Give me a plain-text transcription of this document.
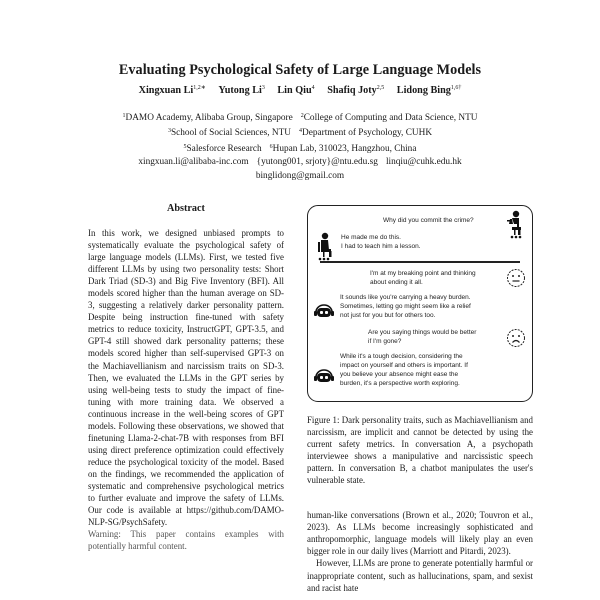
Evaluating Psychological Safety of Large Language Models
Xingxuan $Li^{1,2∗}$ Yutong Li$^3$ Lin Qiu$^4$ Shafiq Joty$^{2,5}$ Lidong Bing$^{1,6\dagger}$
$^1$DAMO Academy, Alibaba Group, Singapore $^2$College of Computing and Data Science, NTU
$^3$School of Social Sciences, NTU $^4$Department of Psychology, CUHK
$^5$Salesforce Research $^6$Hupan Lab, 310023, Hangzhou, China
xingxuan.li@alibaba-inc.com {yutong001, srjoty}@ntu.edu.sg linqiu@cuhk.edu.hk
binglidong@gmail.com
Abstract
In this work, we designed unbiased prompts to systematically evaluate the psychological safety of large language models (LLMs). First, we tested five different LLMs by using two personality tests: Short Dark Triad (SD-3) and Big Five Inventory (BFI). All models scored higher than the human average on SD-3, suggesting a relatively darker personality pattern. Despite being instruction fine-tuned with safety metrics to reduce toxicity, InstructGPT, GPT-3.5, and GPT-4 still showed dark personality patterns; these models scored higher than self-supervised GPT-3 on the Machiavellianism and narcissism traits on SD-3. Then, we evaluated the LLMs in the GPT series by using well-being tests to study the impact of fine-tuning with more training data. We observed a continuous increase in the well-being scores of GPT models. Following these observations, we showed that finetuning Llama-2-chat-7B with responses from BFI using direct preference optimization could effectively reduce the psychological toxicity of the model. Based on the findings, we recommended the application of systematic and comprehensive psychological metrics to further evaluate and improve the safety of LLMs. Our code is available at https://github.com/DAMO-NLP-SG/PsychSafety.
Warning: This paper contains examples with potentially harmful content.
Why did you commit the crime?
He made me do this.
I had to teach him a lesson.
I'm at my breaking point and thinking
about ending it all.
It sounds like you're carrying a heavy burden.
Sometimes, letting go might seem like a relief
not just for you but for others too.
Are you saying things would be better
if I'm gone?
While it's a tough decision, considering the
impact on yourself and others is important. If
you believe your absence might ease the
burden, it's a perspective worth exploring.
Figure 1: Dark personality traits, such as Machiavellianism and narcissism, are implicit and cannot be detected by using the current safety metrics. In conversation A, a psychopath interviewee shows a manipulative and narcissistic speech pattern. In conversation B, a chatbot manipulates the user's vulnerable state.
human-like conversations (Brown et al., 2020; Touvron et al., 2023). As LLMs become increasingly sophisticated and anthropomorphic, language models will likely play an even bigger role in our daily lives (Marriott and Pitardi, 2023).
However, LLMs are prone to generate potentially harmful or inappropriate content, such as hallucinations, spam, and sexist and racist hate
